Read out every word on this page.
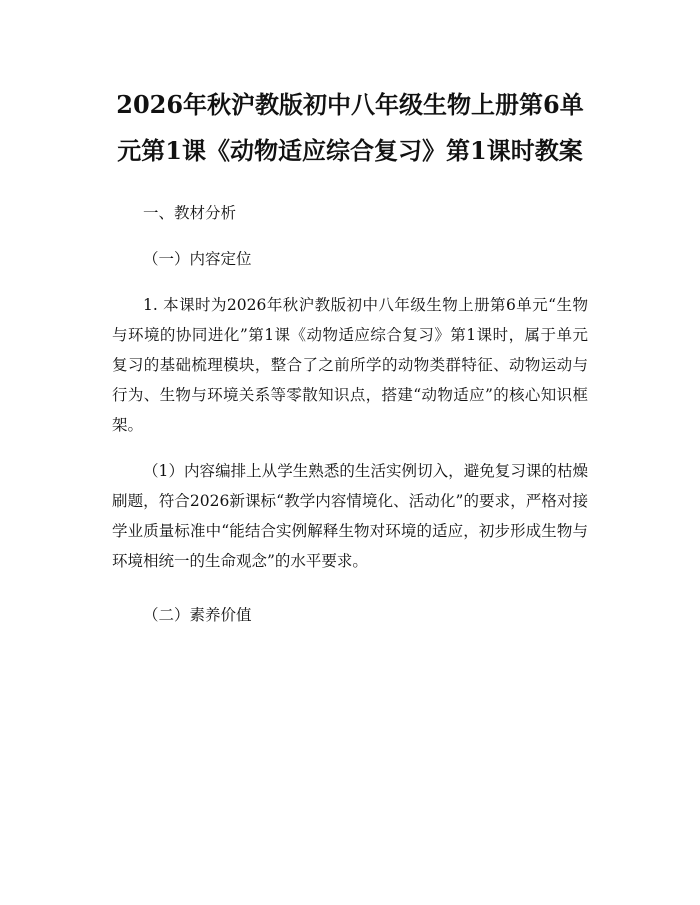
2026年秋沪教版初中八年级生物上册第6单元第1课《动物适应综合复习》第1课时教案

一、教材分析

（一）内容定位

1. 本课时为2026年秋沪教版初中八年级生物上册第6单元“生物与环境的协同进化”第1课《动物适应综合复习》第1课时，属于单元复习的基础梳理模块，整合了之前所学的动物类群特征、动物运动与行为、生物与环境关系等零散知识点，搭建“动物适应”的核心知识框架。

（1）内容编排上从学生熟悉的生活实例切入，避免复习课的枯燥刷题，符合2026新课标“教学内容情境化、活动化”的要求，严格对接学业质量标准中“能结合实例解释生物对环境的适应，初步形成生物与环境相统一的生命观念”的水平要求。

（二）素养价值
